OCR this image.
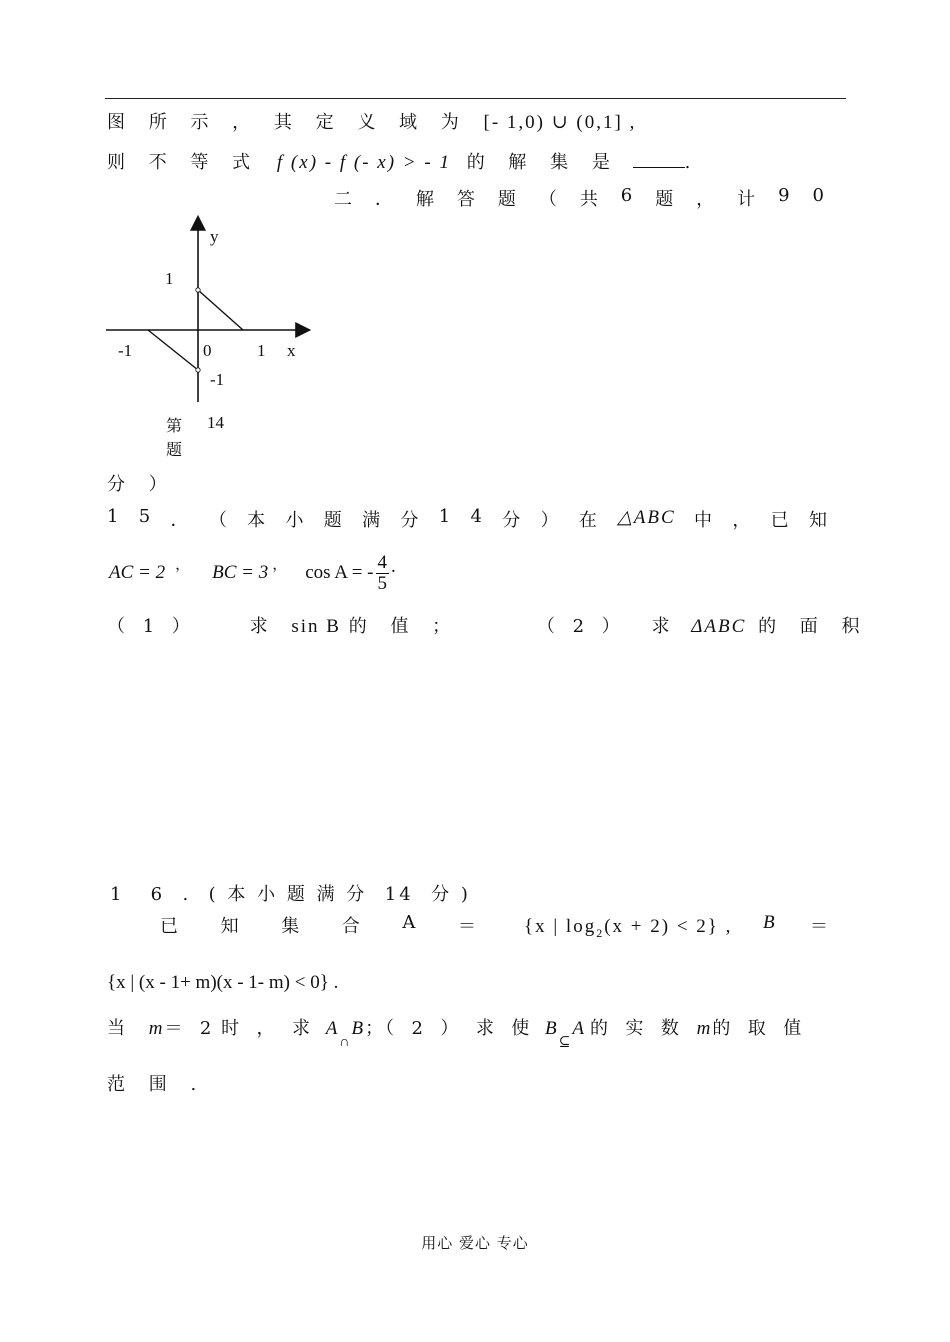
图 所 示 ， 其 定 义 域 为 [- 1,0) ∪ (0,1] ,
则 不 等 式 f (x) - f (- x) > - 1 的 解 集 是	.
二 ． 解 答 题 （ 共 6 题 ， 计 9 0
y
1
-1	0	1 x
-1
第 14
题
分 ）
1 5 ． （ 本 小 题 满 分 1 4 分 ） 在 △ABC 中 ， 已 知
AC = 2 ， BC = 3 ， cos A = - $\frac{4}{5}$ .
（ 1 ）	求 sin B 的 值 ；	（ 2 ） 求 ΔABC 的 面 积
1   6  .  ( 本 小 题 满 分  14  分 )
已 知 集 合 A ＝ {x | $\log_2(x + 2) < 2$} , B ＝
{x | (x - 1+ m)(x - 1- m) < 0} .
当 m＝  2 时  ，  求 $A_\cap B$；（  2  ）  求  使 $B_⊆A$ 的  实  数 m的  取  值
范 围 .
用心 爱心 专心
